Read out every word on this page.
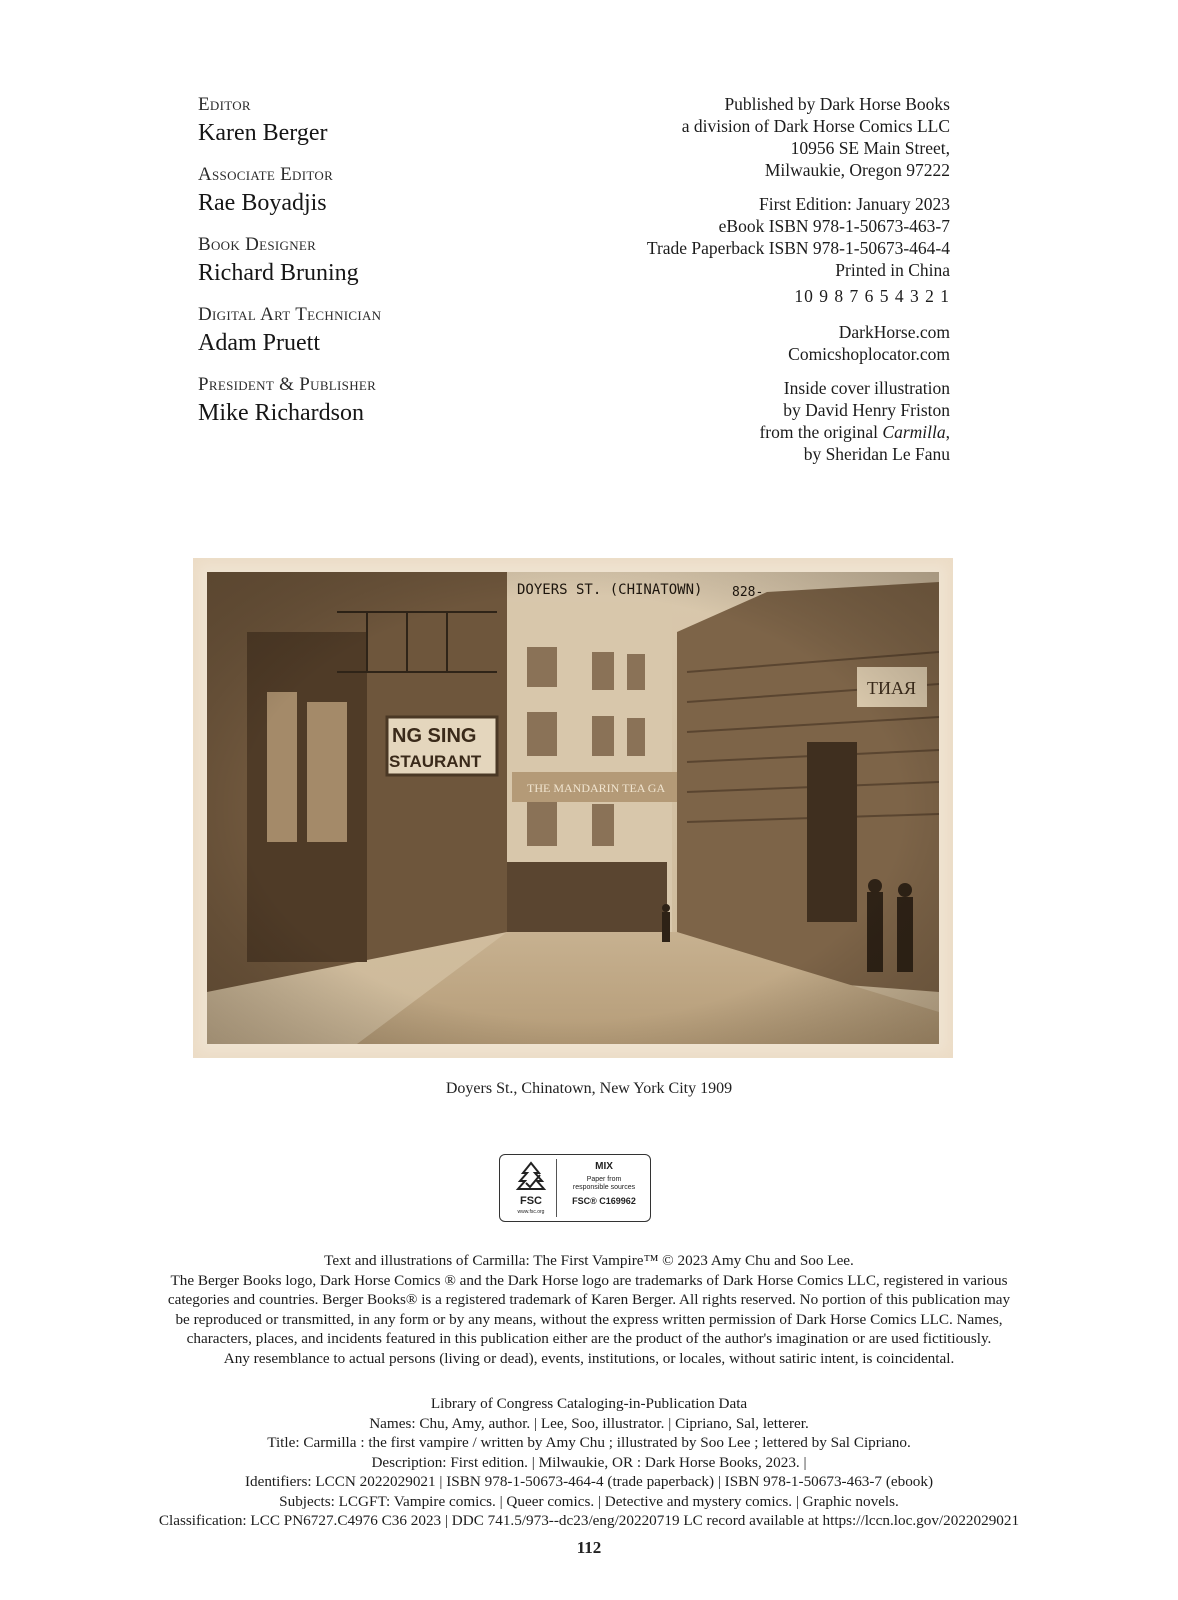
Editor
Karen Berger
Associate Editor
Rae Boyadjis
Book Designer
Richard Bruning
Digital Art Technician
Adam Pruett
President & Publisher
Mike Richardson
Published by Dark Horse Books
a division of Dark Horse Comics LLC
10956 SE Main Street,
Milwaukie, Oregon 97222
First Edition: January 2023
eBook ISBN 978-1-50673-463-7
Trade Paperback ISBN 978-1-50673-464-4
Printed in China
10 9 8 7 6 5 4 3 2 1
DarkHorse.com
Comicshoplocator.com
Inside cover illustration
by David Henry Friston
from the original Carmilla,
by Sheridan Le Fanu
Doyers St., Chinatown, New York City 1909
FSC
www.fsc.org
MIX
Paper from
responsible sources
FSC® C169962
Text and illustrations of Carmilla: The First Vampire™ © 2023 Amy Chu and Soo Lee.
The Berger Books logo, Dark Horse Comics ® and the Dark Horse logo are trademarks of Dark Horse Comics LLC, registered in various
categories and countries. Berger Books® is a registered trademark of Karen Berger. All rights reserved. No portion of this publication may
be reproduced or transmitted, in any form or by any means, without the express written permission of Dark Horse Comics LLC. Names,
characters, places, and incidents featured in this publication either are the product of the author's imagination or are used fictitiously.
Any resemblance to actual persons (living or dead), events, institutions, or locales, without satiric intent, is coincidental.
Library of Congress Cataloging-in-Publication Data
Names: Chu, Amy, author. | Lee, Soo, illustrator. | Cipriano, Sal, letterer.
Title: Carmilla : the first vampire / written by Amy Chu ; illustrated by Soo Lee ; lettered by Sal Cipriano.
Description: First edition. | Milwaukie, OR : Dark Horse Books, 2023. |
Identifiers: LCCN 2022029021 | ISBN 978-1-50673-464-4 (trade paperback) | ISBN 978-1-50673-463-7 (ebook)
Subjects: LCGFT: Vampire comics. | Queer comics. | Detective and mystery comics. | Graphic novels.
Classification: LCC PN6727.C4976 C36 2023 | DDC 741.5/973--dc23/eng/20220719 LC record available at https://lccn.loc.gov/2022029021
112
